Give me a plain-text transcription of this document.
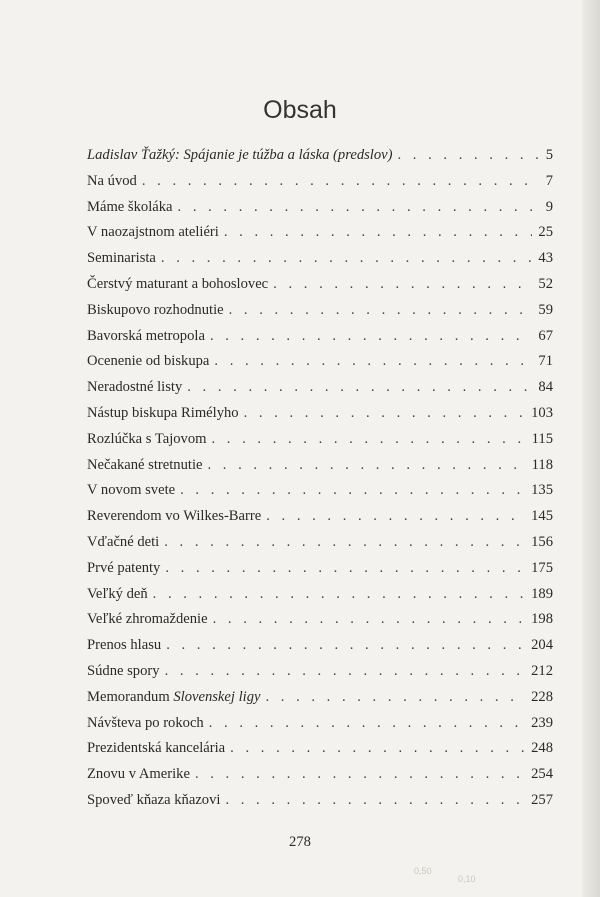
Obsah
Ladislav Ťažký: Spájanie je túžba a láska (predslov) . . .	5
Na úvod . . .	7
Máme školáka . . .	9
V naozajstnom ateliéri . . .	25
Seminarista . . .	43
Čerstvý maturant a bohoslovec . . .	52
Biskupovo rozhodnutie . . .	59
Bavorská metropola . . .	67
Ocenenie od biskupa . . .	71
Neradostné listy . . .	84
Nástup biskupa Rimélyho . . .	103
Rozlúčka s Tajovom . . .	115
Nečakané stretnutie . . .	118
V novom svete . . .	135
Reverendom vo Wilkes-Barre . . .	145
Vďačné deti . . .	156
Prvé patenty . . .	175
Veľký deň . . .	189
Veľké zhromaždenie . . .	198
Prenos hlasu . . .	204
Súdne spory . . .	212
Memorandum Slovenskej ligy . . .	228
Návšteva po rokoch . . .	239
Prezidentská kancelária . . .	248
Znovu v Amerike . . .	254
Spoveď kňaza kňazovi . . .	257
278
0,50
0,10
